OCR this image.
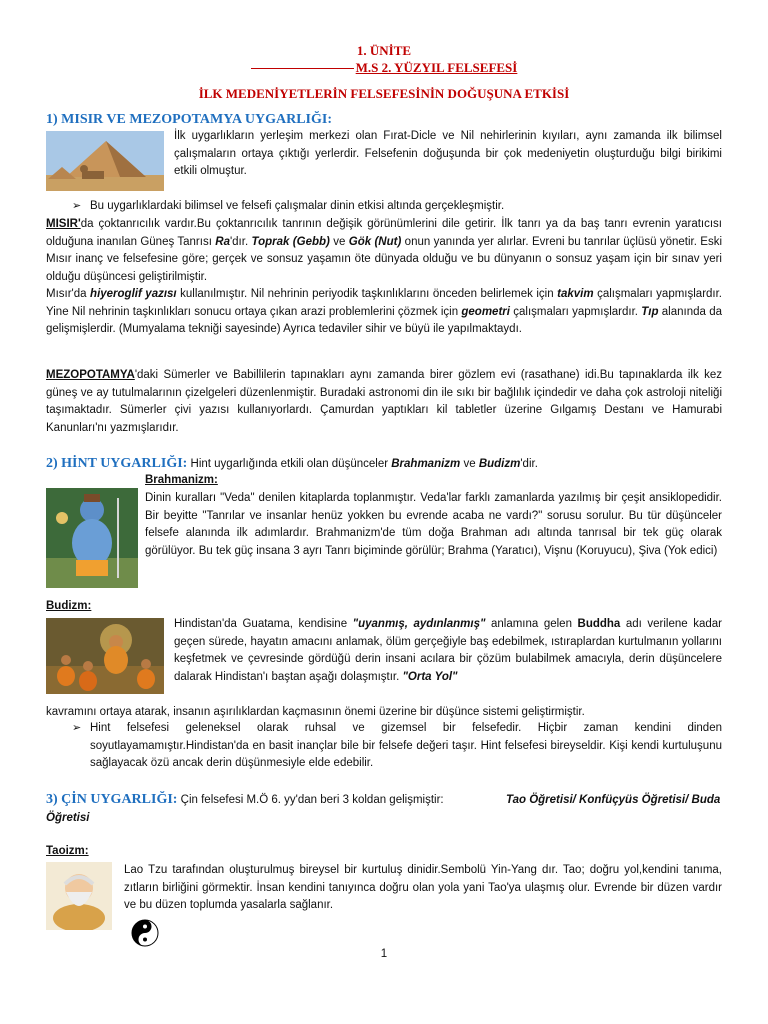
1. ÜNİTE
M.S 2. YÜZYIL FELSEFESİ
İLK MEDENİYETLERİN FELSEFESİNİN DOĞUŞUNA ETKİSİ
1) MISIR VE MEZOPOTAMYA UYGARLIĞI:
İlk uygarlıkların yerleşim merkezi olan Fırat-Dicle ve Nil nehirlerinin kıyıları, aynı zamanda ilk bilimsel çalışmaların ortaya çıktığı yerlerdir. Felsefenin doğuşunda bir çok medeniyetin oluşturduğu bilgi birikimi etkili olmuştur.
➢ Bu uygarlıklardaki bilimsel ve felsefi çalışmalar dinin etkisi altında gerçekleşmiştir.
MISIR'da çoktanrıcılık vardır.Bu çoktanrıcılık tanrının değişik görünümlerini dile getirir. İlk tanrı ya da baş tanrı evrenin yaratıcısı olduğuna inanılan Güneş Tanrısı Ra'dır. Toprak (Gebb) ve Gök (Nut) onun yanında yer alırlar. Evreni bu tanrılar üçlüsü yönetir. Eski Mısır inanç ve felsefesine göre; gerçek ve sonsuz yaşamın öte dünyada olduğu ve bu dünyanın o sonsuz yaşam için bir sınav yeri olduğu düşüncesi geliştirilmiştir.
Mısır'da hiyeroglif yazısı kullanılmıştır. Nil nehrinin periyodik taşkınlıklarını önceden belirlemek için takvim çalışmaları yapmışlardır. Yine Nil nehrinin taşkınlıkları sonucu ortaya çıkan arazi problemlerini çözmek için geometri çalışmaları yapmışlardır. Tıp alanında da gelişmişlerdir. (Mumyalama tekniği sayesinde) Ayrıca tedaviler sihir ve büyü ile yapılmaktaydı.
MEZOPOTAMYA'daki Sümerler ve Babillilerin tapınakları aynı zamanda birer gözlem evi (rasathane) idi.Bu tapınaklarda ilk kez güneş ve ay tutulmalarının çizelgeleri düzenlenmiştir. Buradaki astronomi din ile sıkı bir bağlılık içindedir ve daha çok astroloji niteliği taşımaktadır. Sümerler çivi yazısı kullanıyorlardı. Çamurdan yaptıkları kil tabletler üzerine Gılgamış Destanı ve Hamurabi Kanunları'nı yazmışlarıdır.
2) HİNT UYGARLIĞI: Hint uygarlığında etkili olan düşünceler Brahmanizm ve Budizm'dir.
Brahmanizm:
Dinin kuralları "Veda" denilen kitaplarda toplanmıştır. Veda'lar farklı zamanlarda yazılmış bir çeşit ansiklopedidir. Bir beyitte "Tanrılar ve insanlar henüz yokken bu evrende acaba ne vardı?" sorusu sorulur. Bu tür düşünceler felsefe alanında ilk adımlardır. Brahmanizm'de tüm doğa Brahman adı altında tanrısal bir tek güç olarak görülüyor. Bu tek güç insana 3 ayrı Tanrı biçiminde görülür; Brahma (Yaratıcı), Vişnu (Koruyucu), Şiva (Yok edici)
Budizm:
Hindistan'da Guatama, kendisine "uyanmış, aydınlanmış" anlamına gelen Buddha adı verilene kadar geçen sürede, hayatın amacını anlamak, ölüm gerçeğiyle baş edebilmek, ıstıraplardan kurtulmanın yollarını keşfetmek ve çevresinde gördüğü derin insani acılara bir çözüm bulabilmek amacıyla, derin düşüncelere dalarak Hindistan'ı baştan aşağı dolaşmıştır. "Orta Yol"
kavramını ortaya atarak, insanın aşırılıklardan kaçmasının önemi üzerine bir düşünce sistemi geliştirmiştir.
➢ Hint felsefesi geleneksel olarak ruhsal ve gizemsel bir felsefedir. Hiçbir zaman kendini dinden soyutlayamamıştır.Hindistan'da en basit inançlar bile bir felsefe değeri taşır. Hint felsefesi bireyseldir. Kişi kendi kurtuluşunu sağlayacak özü ancak derin düşünmesiyle elde edebilir.
3) ÇİN UYGARLIĞI: Çin felsefesi M.Ö 6. yy'dan beri 3 koldan gelişmiştir:	Tao Öğretisi/ Konfüçyüs Öğretisi/ Buda Öğretisi
Taoizm:
Lao Tzu tarafından oluşturulmuş bireysel bir kurtuluş dinidir.Sembolü Yin-Yang dır. Tao; doğru yol,kendini tanıma, zıtların birliğini görmektir. İnsan kendini tanıyınca doğru olan yola yani Tao'ya ulaşmış olur. Evrende bir düzen vardır ve bu düzen toplumda yasalarla sağlanır.
1
